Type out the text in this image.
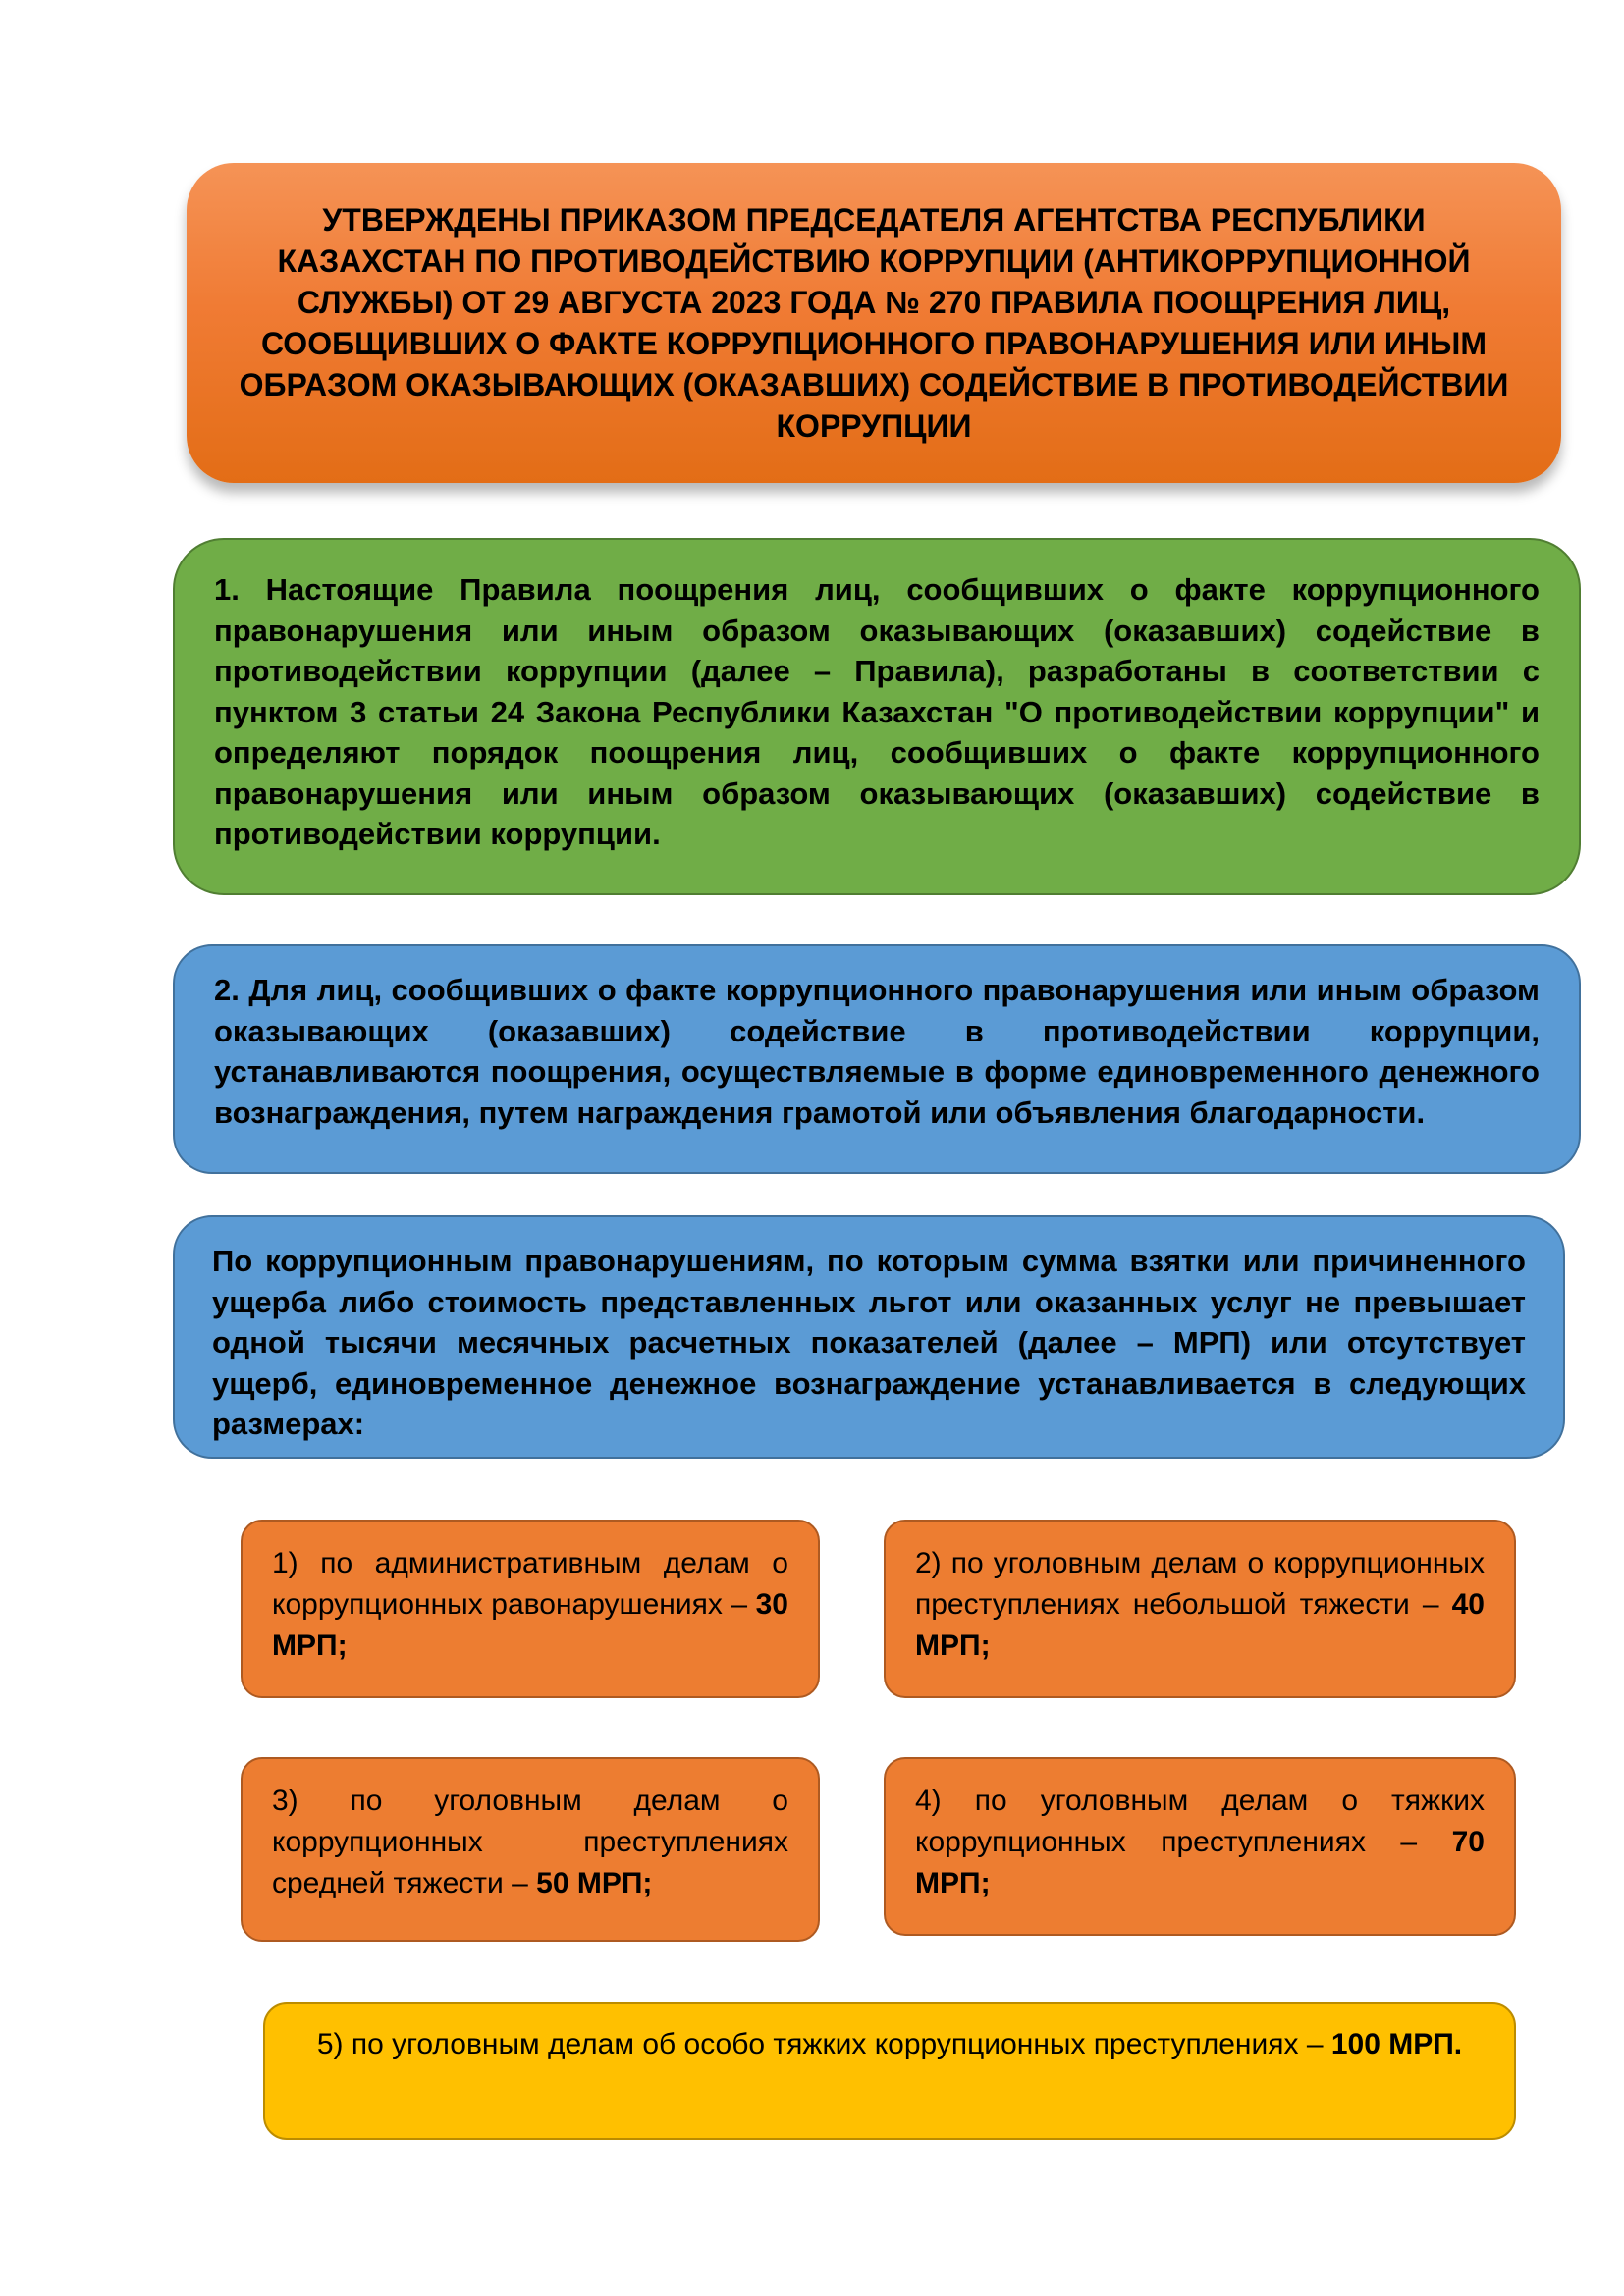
УТВЕРЖДЕНЫ ПРИКАЗОМ ПРЕДСЕДАТЕЛЯ АГЕНТСТВА РЕСПУБЛИКИ КАЗАХСТАН ПО ПРОТИВОДЕЙСТВИЮ КОРРУПЦИИ (АНТИКОРРУПЦИОННОЙ СЛУЖБЫ) ОТ 29 АВГУСТА 2023 ГОДА № 270 ПРАВИЛА ПООЩРЕНИЯ ЛИЦ, СООБЩИВШИХ О ФАКТЕ КОРРУПЦИОННОГО ПРАВОНАРУШЕНИЯ ИЛИ ИНЫМ ОБРАЗОМ ОКАЗЫВАЮЩИХ (ОКАЗАВШИХ) СОДЕЙСТВИЕ В ПРОТИВОДЕЙСТВИИ КОРРУПЦИИ

1. Настоящие Правила поощрения лиц, сообщивших о факте коррупционного правонарушения или иным образом оказывающих (оказавших) содействие в противодействии коррупции (далее – Правила), разработаны в соответствии с пунктом 3 статьи 24 Закона Республики Казахстан "О противодействии коррупции" и определяют порядок поощрения лиц, сообщивших о факте коррупционного правонарушения или иным образом оказывающих (оказавших) содействие в противодействии коррупции.

2. Для лиц, сообщивших о факте коррупционного правонарушения или иным образом оказывающих (оказавших) содействие в противодействии коррупции, устанавливаются поощрения, осуществляемые в форме единовременного денежного вознаграждения, путем награждения грамотой или объявления благодарности.

По коррупционным правонарушениям, по которым сумма взятки или причиненного ущерба либо стоимость представленных льгот или оказанных услуг не превышает одной тысячи месячных расчетных показателей (далее – МРП) или отсутствует ущерб, единовременное денежное вознаграждение устанавливается в следующих размерах:

1) по административным делам о коррупционных равонарушениях – 30 МРП;

2) по уголовным делам о коррупционных преступлениях небольшой тяжести – 40 МРП;

3) по уголовным делам о коррупционных преступлениях средней тяжести – 50 МРП;

4) по уголовным делам о тяжких коррупционных преступлениях – 70 МРП;

5) по уголовным делам об особо тяжких коррупционных преступлениях – 100 МРП.
